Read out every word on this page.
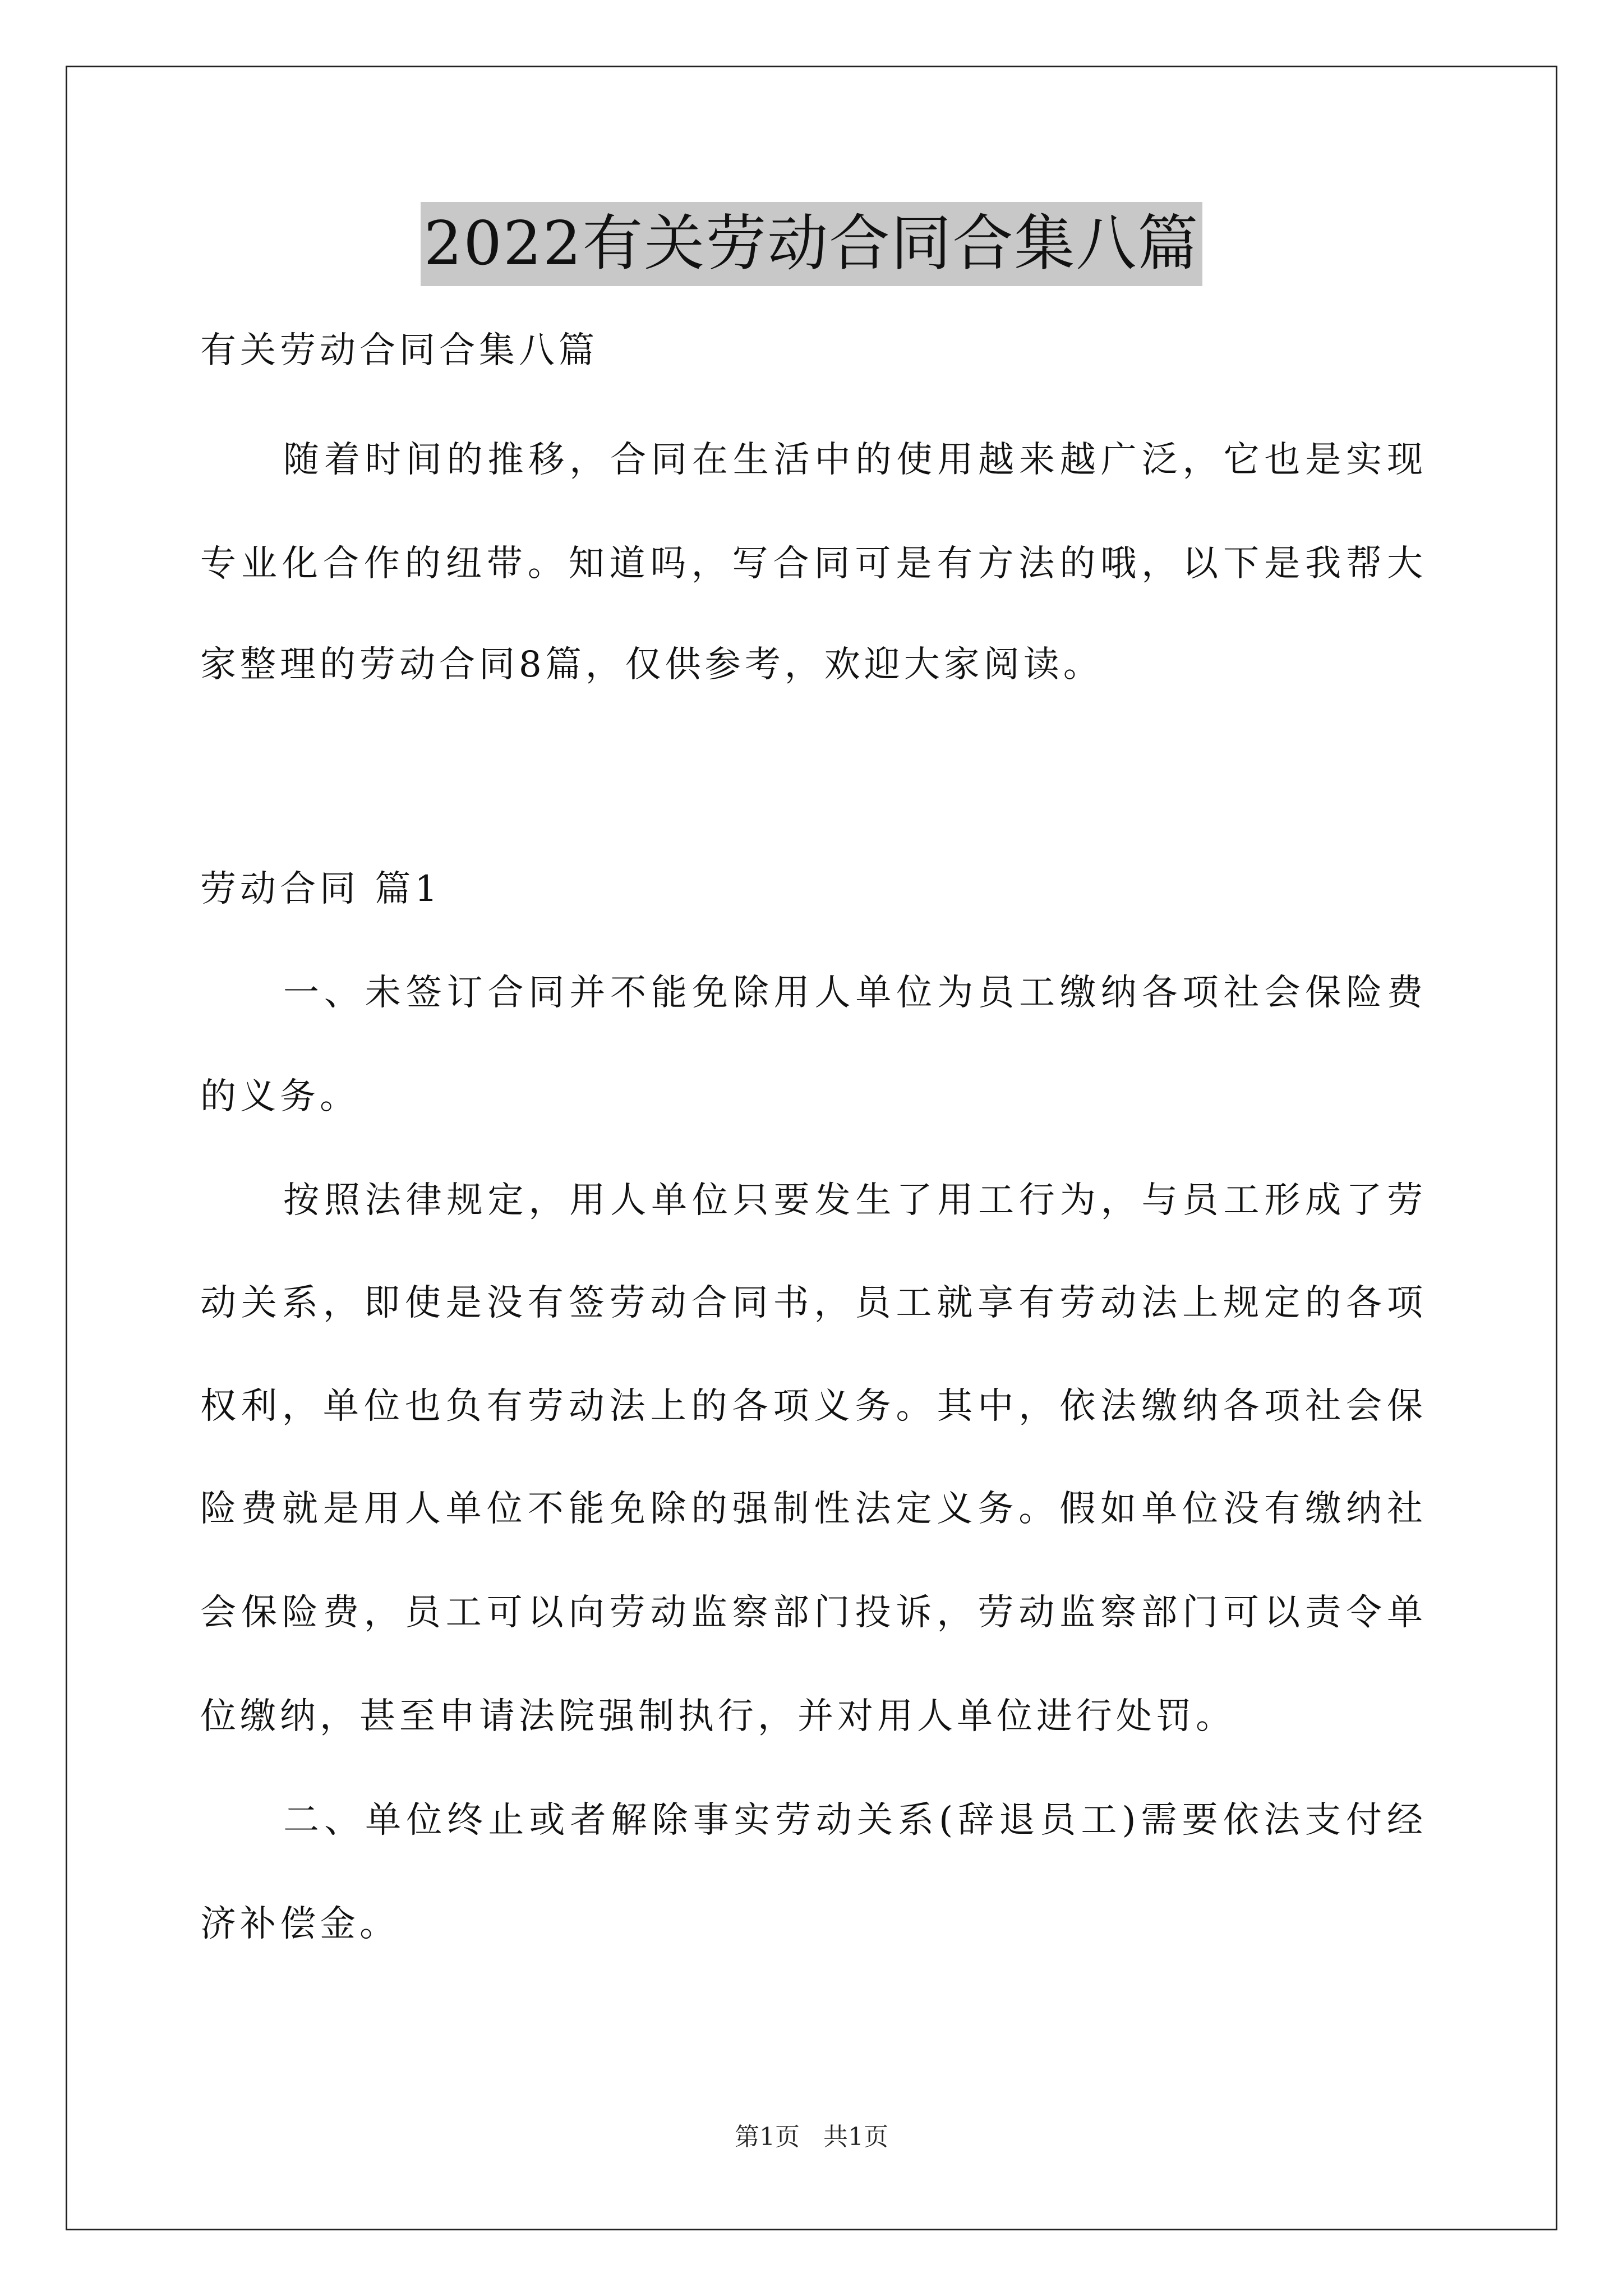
2022有关劳动合同合集八篇
有关劳动合同合集八篇
随着时间的推移，合同在生活中的使用越来越广泛，它也是实现
专业化合作的纽带。知道吗，写合同可是有方法的哦，以下是我帮大
家整理的劳动合同8篇，仅供参考，欢迎大家阅读。
劳动合同 篇1
一、未签订合同并不能免除用人单位为员工缴纳各项社会保险费
的义务。
按照法律规定，用人单位只要发生了用工行为，与员工形成了劳
动关系，即使是没有签劳动合同书，员工就享有劳动法上规定的各项
权利，单位也负有劳动法上的各项义务。其中，依法缴纳各项社会保
险费就是用人单位不能免除的强制性法定义务。假如单位没有缴纳社
会保险费，员工可以向劳动监察部门投诉，劳动监察部门可以责令单
位缴纳，甚至申请法院强制执行，并对用人单位进行处罚。
二、单位终止或者解除事实劳动关系(辞退员工)需要依法支付经
济补偿金。
第1页   共1页
